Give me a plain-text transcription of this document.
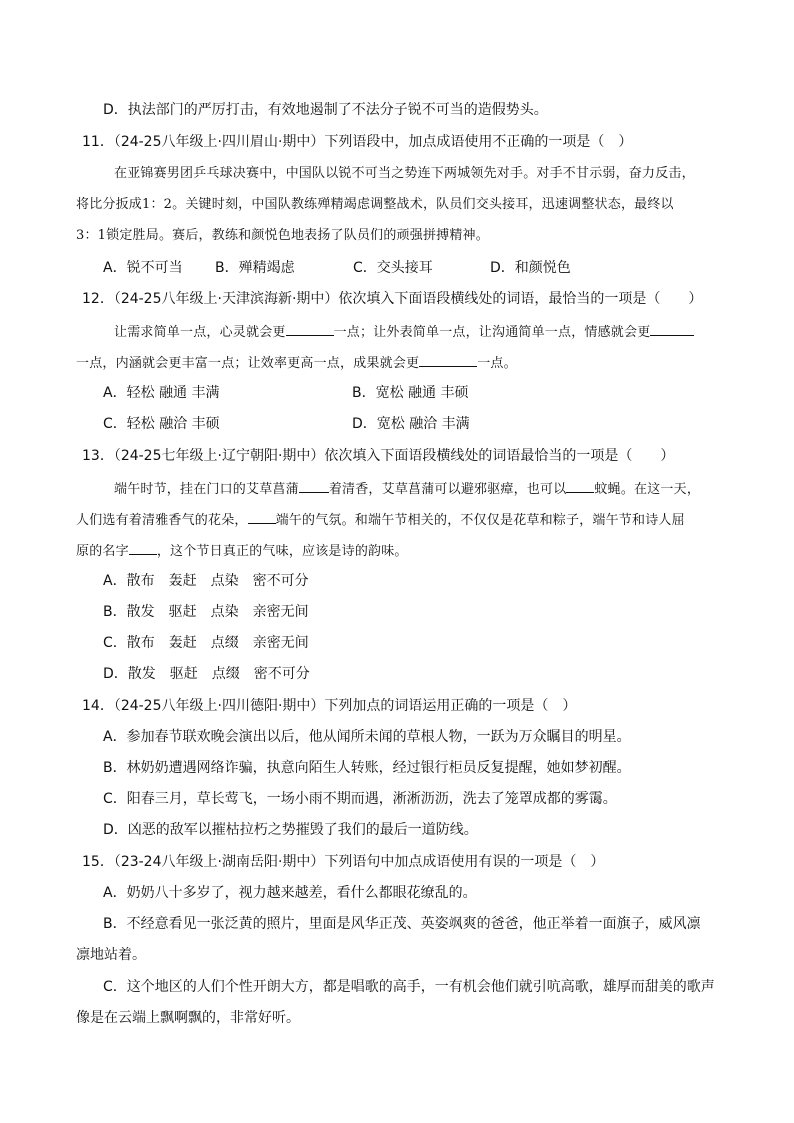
D．执法部门的严厉打击，有效地遏制了不法分子锐不可当的造假势头。
11．（24-25八年级上·四川眉山·期中）下列语段中，加点成语使用不正确的一项是（　）
在亚锦赛男团乒乓球决赛中，中国队以锐不可当之势连下两城领先对手。对手不甘示弱，奋力反击，
将比分扳成1：2。关键时刻，中国队教练殚精竭虑调整战术，队员们交头接耳，迅速调整状态，最终以
3：1锁定胜局。赛后，教练和颜悦色地表扬了队员们的顽强拼搏精神。
A．锐不可当 B．殚精竭虑	C．交头接耳	D．和颜悦色
12．（24-25八年级上·天津滨海新·期中）依次填入下面语段横线处的词语，最恰当的一项是（　　）
让需求简单一点，心灵就会更	一点；让外表简单一点，让沟通简单一点，情感就会更
一点，内涵就会更丰富一点；让效率更高一点，成果就会更	一点。
A．轻松 融通 丰满	B．宽松 融通 丰硕
C．轻松 融洽 丰硕	D．宽松 融洽 丰满
13．（24-25七年级上·辽宁朝阳·期中）依次填入下面语段横线处的词语最恰当的一项是（　　）
端午时节，挂在门口的艾草菖蒲 着清香，艾草菖蒲可以避邪驱瘴，也可以 蚊蝇。在这一天，
人们选有着清雅香气的花朵， 端午的气氛。和端午节相关的，不仅仅是花草和粽子，端午节和诗人屈
原的名字 ，这个节日真正的气味，应该是诗的韵味。
A．散布　轰赶　点染　密不可分
B．散发　驱赶　点染　亲密无间
C．散布　轰赶　点缀　亲密无间
D．散发　驱赶　点缀　密不可分
14．（24-25八年级上·四川德阳·期中）下列加点的词语运用正确的一项是（　）
A．参加春节联欢晚会演出以后，他从闻所未闻的草根人物，一跃为万众瞩目的明星。
B．林奶奶遭遇网络诈骗，执意向陌生人转账，经过银行柜员反复提醒，她如梦初醒。
C．阳春三月，草长莺飞，一场小雨不期而遇，淅淅沥沥，洗去了笼罩成都的雾霭。
D．凶恶的敌军以摧枯拉朽之势摧毁了我们的最后一道防线。
15．（23-24八年级上·湖南岳阳·期中）下列语句中加点成语使用有误的一项是（　）
A．奶奶八十多岁了，视力越来越差，看什么都眼花缭乱的。
B．不经意看见一张泛黄的照片，里面是风华正茂、英姿飒爽的爸爸，他正举着一面旗子，威风凛
凛地站着。
C．这个地区的人们个性开朗大方，都是唱歌的高手，一有机会他们就引吭高歌，雄厚而甜美的歌声
像是在云端上飘啊飘的，非常好听。
